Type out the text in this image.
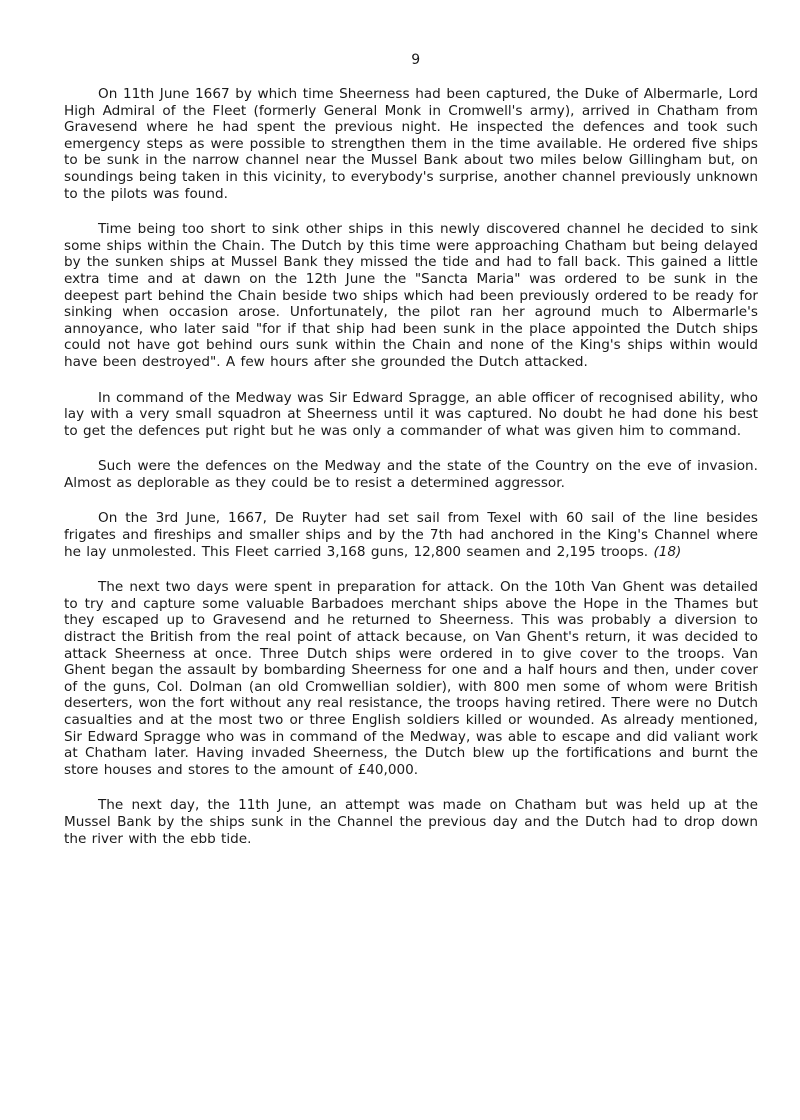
9

On 11th June 1667 by which time Sheerness had been captured, the Duke of Albermarle, Lord High Admiral of the Fleet (formerly General Monk in Cromwell's army), arrived in Chatham from Gravesend where he had spent the previous night. He inspected the defences and took such emergency steps as were possible to strengthen them in the time available. He ordered five ships to be sunk in the narrow channel near the Mussel Bank about two miles below Gillingham but, on soundings being taken in this vicinity, to everybody's surprise, another channel previously unknown to the pilots was found.

Time being too short to sink other ships in this newly discovered channel he decided to sink some ships within the Chain. The Dutch by this time were approaching Chatham but being delayed by the sunken ships at Mussel Bank they missed the tide and had to fall back. This gained a little extra time and at dawn on the 12th June the "Sancta Maria" was ordered to be sunk in the deepest part behind the Chain beside two ships which had been previously ordered to be ready for sinking when occasion arose. Unfortunately, the pilot ran her aground much to Albermarle's annoyance, who later said "for if that ship had been sunk in the place appointed the Dutch ships could not have got behind ours sunk within the Chain and none of the King's ships within would have been destroyed". A few hours after she grounded the Dutch attacked.

In command of the Medway was Sir Edward Spragge, an able officer of recognised ability, who lay with a very small squadron at Sheerness until it was captured. No doubt he had done his best to get the defences put right but he was only a commander of what was given him to command.

Such were the defences on the Medway and the state of the Country on the eve of invasion. Almost as deplorable as they could be to resist a determined aggressor.

On the 3rd June, 1667, De Ruyter had set sail from Texel with 60 sail of the line besides frigates and fireships and smaller ships and by the 7th had anchored in the King's Channel where he lay unmolested. This Fleet carried 3,168 guns, 12,800 seamen and 2,195 troops. (18)

The next two days were spent in preparation for attack. On the 10th Van Ghent was detailed to try and capture some valuable Barbadoes merchant ships above the Hope in the Thames but they escaped up to Gravesend and he returned to Sheerness. This was probably a diversion to distract the British from the real point of attack because, on Van Ghent's return, it was decided to attack Sheerness at once. Three Dutch ships were ordered in to give cover to the troops. Van Ghent began the assault by bombarding Sheerness for one and a half hours and then, under cover of the guns, Col. Dolman (an old Cromwellian soldier), with 800 men some of whom were British deserters, won the fort without any real resistance, the troops having retired. There were no Dutch casualties and at the most two or three English soldiers killed or wounded. As already mentioned, Sir Edward Spragge who was in command of the Medway, was able to escape and did valiant work at Chatham later. Having invaded Sheerness, the Dutch blew up the fortifications and burnt the store houses and stores to the amount of £40,000.

The next day, the 11th June, an attempt was made on Chatham but was held up at the Mussel Bank by the ships sunk in the Channel the previous day and the Dutch had to drop down the river with the ebb tide.
